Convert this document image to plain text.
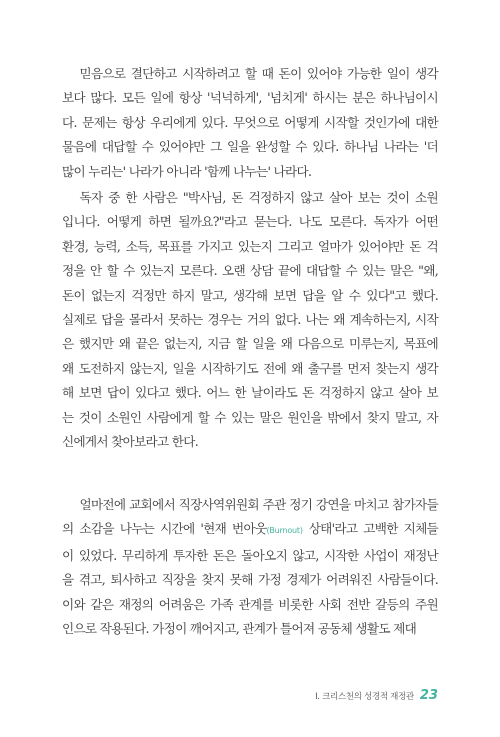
  믿음으로 결단하고 시작하려고 할 때 돈이 있어야 가능한 일이 생각
보다 많다. 모든 일에 항상 '넉넉하게', '넘치게' 하시는 분은 하나님이시
다. 문제는 항상 우리에게 있다. 무엇으로 어떻게 시작할 것인가에 대한
물음에 대답할 수 있어야만 그 일을 완성할 수 있다. 하나님 나라는 '더
많이 누리는' 나라가 아니라 '함께 나누는' 나라다.
  독자 중 한 사람은 "박사님, 돈 걱정하지 않고 살아 보는 것이 소원
입니다. 어떻게 하면 될까요?"라고 묻는다. 나도 모른다. 독자가 어떤
환경, 능력, 소득, 목표를 가지고 있는지 그리고 얼마가 있어야만 돈 걱
정을 안 할 수 있는지 모른다. 오랜 상담 끝에 대답할 수 있는 말은 "왜,
돈이 없는지 걱정만 하지 말고, 생각해 보면 답을 알 수 있다"고 했다.
실제로 답을 몰라서 못하는 경우는 거의 없다. 나는 왜 계속하는지, 시작
은 했지만 왜 끝은 없는지, 지금 할 일을 왜 다음으로 미루는지, 목표에
왜 도전하지 않는지, 일을 시작하기도 전에 왜 출구를 먼저 찾는지 생각
해 보면 답이 있다고 했다. 어느 한 날이라도 돈 걱정하지 않고 살아 보
는 것이 소원인 사람에게 할 수 있는 말은 원인을 밖에서 찾지 말고, 자
신에게서 찾아보라고 한다.
  얼마전에 교회에서 직장사역위원회 주관 정기 강연을 마치고 참가자들
의 소감을 나누는 시간에 '현재 번아웃(Burnout) 상태'라고 고백한 지체들
이 있었다. 무리하게 투자한 돈은 돌아오지 않고, 시작한 사업이 재정난
을 겪고, 퇴사하고 직장을 찾지 못해 가정 경제가 어려워진 사람들이다.
이와 같은 재정의 어려움은 가족 관계를 비롯한 사회 전반 갈등의 주원
인으로 작용된다. 가정이 깨어지고, 관계가 틀어져 공동체 생활도 제대
Ⅰ. 크리스천의 성경적 재정관 23
